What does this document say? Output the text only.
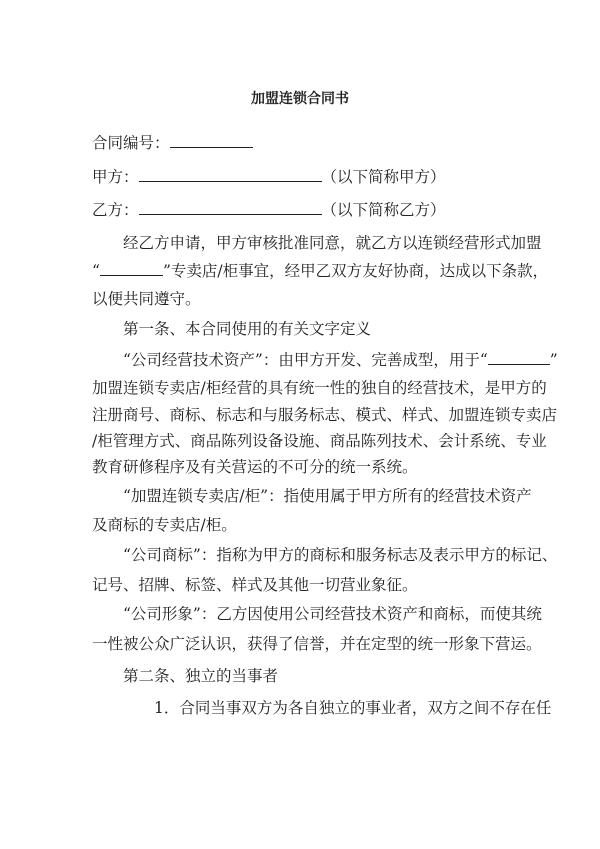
加盟连锁合同书
合同编号：
甲方：	（以下简称甲方）
乙方：	（以下简称乙方）
经乙方申请，甲方审核批准同意，就乙方以连锁经营形式加盟
“	”专卖店/柜事宜，经甲乙双方友好协商，达成以下条款，
以便共同遵守。
第一条、本合同使用的有关文字定义
“公司经营技术资产”：由甲方开发、完善成型，用于“	”
加盟连锁专卖店/柜经营的具有统一性的独自的经营技术，是甲方的
注册商号、商标、标志和与服务标志、模式、样式、加盟连锁专卖店
/柜管理方式、商品陈列设备设施、商品陈列技术、会计系统、专业
教育研修程序及有关营运的不可分的统一系统。
“加盟连锁专卖店/柜”：指使用属于甲方所有的经营技术资产
及商标的专卖店/柜。
“公司商标”：指称为甲方的商标和服务标志及表示甲方的标记、
记号、招牌、标签、样式及其他一切营业象征。
“公司形象”：乙方因使用公司经营技术资产和商标，而使其统
一性被公众广泛认识，获得了信誉，并在定型的统一形象下营运。
第二条、独立的当事者
1．合同当事双方为各自独立的事业者，双方之间不存在任
